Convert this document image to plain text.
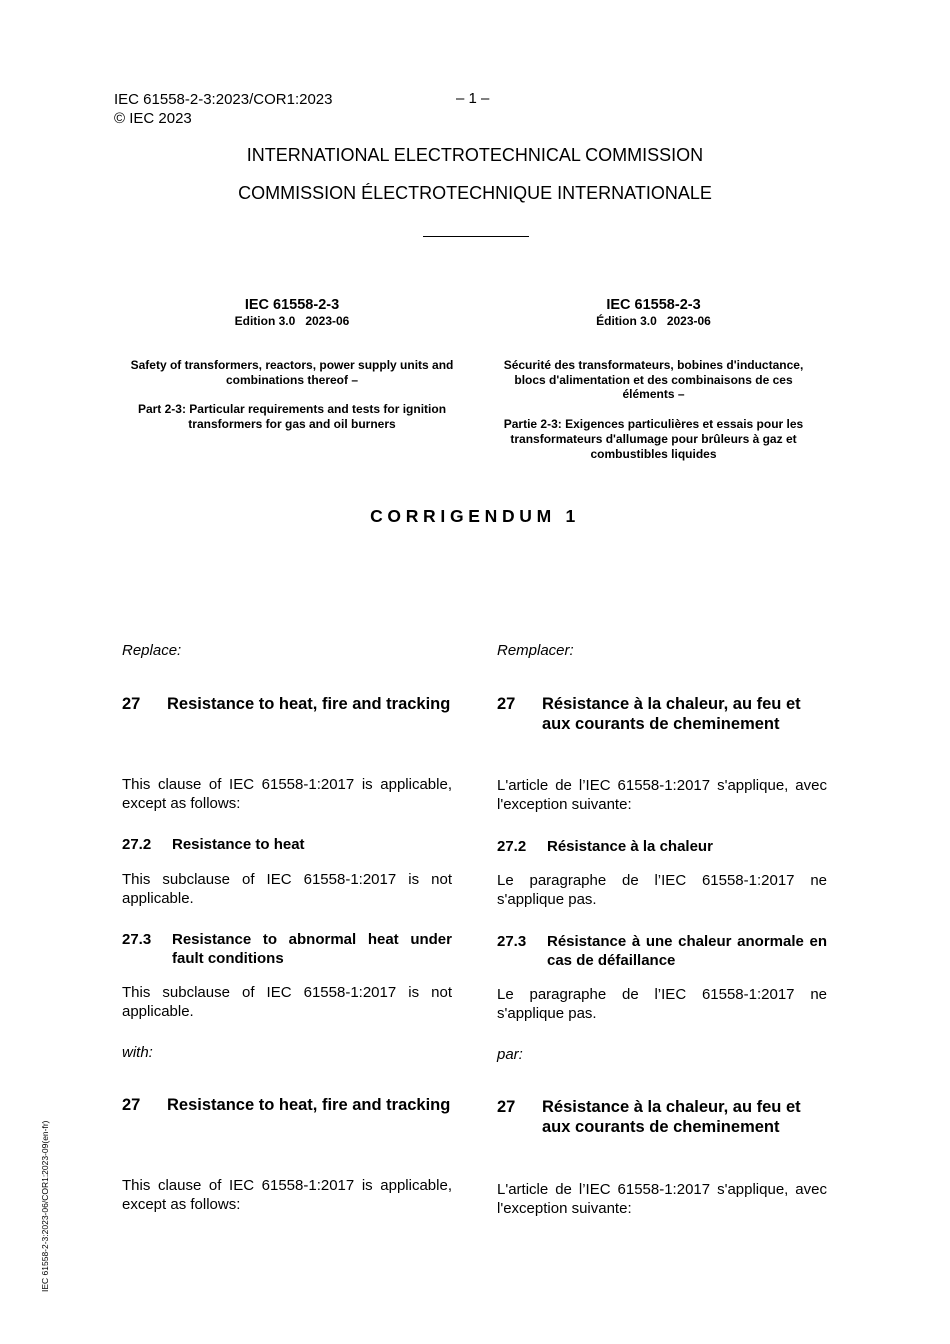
IEC 61558-2-3:2023/COR1:2023
© IEC 2023
– 1 –
INTERNATIONAL ELECTROTECHNICAL COMMISSION
COMMISSION ÉLECTROTECHNIQUE INTERNATIONALE
IEC 61558-2-3
Edition 3.0   2023-06
Safety of transformers, reactors, power supply units and combinations thereof –
Part 2-3: Particular requirements and tests for ignition transformers for gas and oil burners
IEC 61558-2-3
Édition 3.0   2023-06
Sécurité des transformateurs, bobines d'inductance, blocs d'alimentation et des combinaisons de ces éléments –
Partie 2-3: Exigences particulières et essais pour les transformateurs d'allumage pour brûleurs à gaz et combustibles liquides
CORRIGENDUM 1
Replace:
27	Resistance to heat, fire and tracking
This clause of IEC 61558-1:2017 is applicable, except as follows:
27.2	Resistance to heat
This subclause of IEC 61558-1:2017 is not applicable.
27.3	Resistance to abnormal heat under fault conditions
This subclause of IEC 61558-1:2017 is not applicable.
with:
27	Resistance to heat, fire and tracking
This clause of IEC 61558-1:2017 is applicable, except as follows:
Remplacer:
27	Résistance à la chaleur, au feu et aux courants de cheminement
L'article de l’IEC 61558-1:2017 s'applique, avec l'exception suivante:
27.2	Résistance à la chaleur
Le paragraphe de l’IEC 61558-1:2017 ne s'applique pas.
27.3	Résistance à une chaleur anormale en cas de défaillance
Le paragraphe de l’IEC 61558-1:2017 ne s'applique pas.
par:
27	Résistance à la chaleur, au feu et aux courants de cheminement
L'article de l’IEC 61558-1:2017 s'applique, avec l'exception suivante:
IEC 61558-2-3:2023-06/COR1:2023-09(en-fr)
